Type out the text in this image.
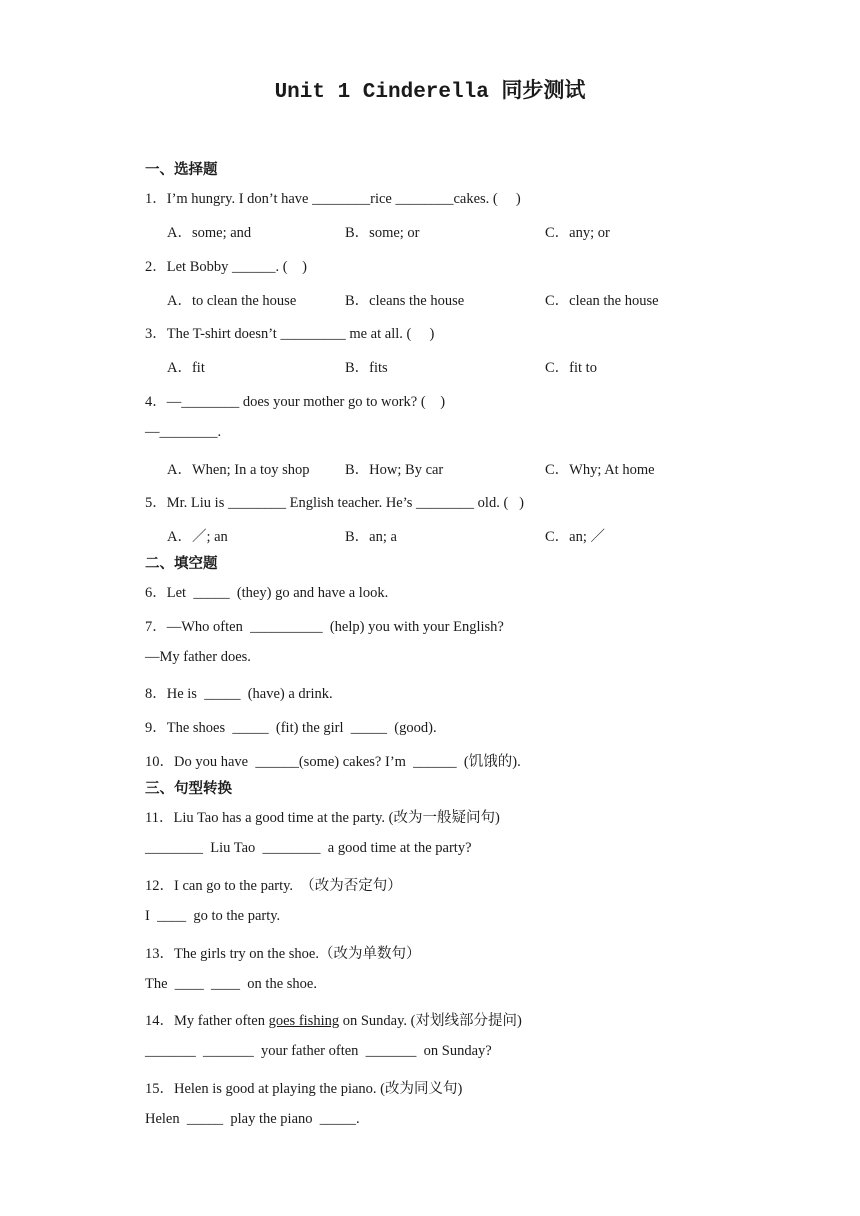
Unit 1 Cinderella 同步测试
一、选择题
1．I’m hungry. I don’t have ________rice ________cakes. (     )
A．some; and	B．some; or	C．any; or
2．Let Bobby ______. (    )
A．to clean the house	B．cleans the house	C．clean the house
3．The T-shirt doesn’t _________ me at all. (     )
A．fit	B．fits	C．fit to
4．—________ does your mother go to work? (    )
—________.
A．When; In a toy shop B．How; By car	C．Why; At home
5．Mr. Liu is ________ English teacher. He’s ________ old. (   )
A．／; an	B．an; a	C．an; ／
二、填空题
6．Let  _____  (they) go and have a look.
7．—Who often  __________  (help) you with your English?
—My father does.
8．He is  _____  (have) a drink.
9．The shoes  _____  (fit) the girl  _____  (good).
10．Do you have  ______(some) cakes? I’m  ______  (饥饿的).
三、句型转换
11．Liu Tao has a good time at the party. (改为一般疑问句)
________  Liu Tao  ________  a good time at the party?
12．I can go to the party.  （改为否定句）
I  ____  go to the party.
13．The girls try on the shoe.（改为单数句）
The  ____  ____  on the shoe.
14．My father often goes fishing on Sunday. (对划线部分提问)
_______  _______  your father often  _______  on Sunday?
15．Helen is good at playing the piano. (改为同义句)
Helen  _____  play the piano  _____.
